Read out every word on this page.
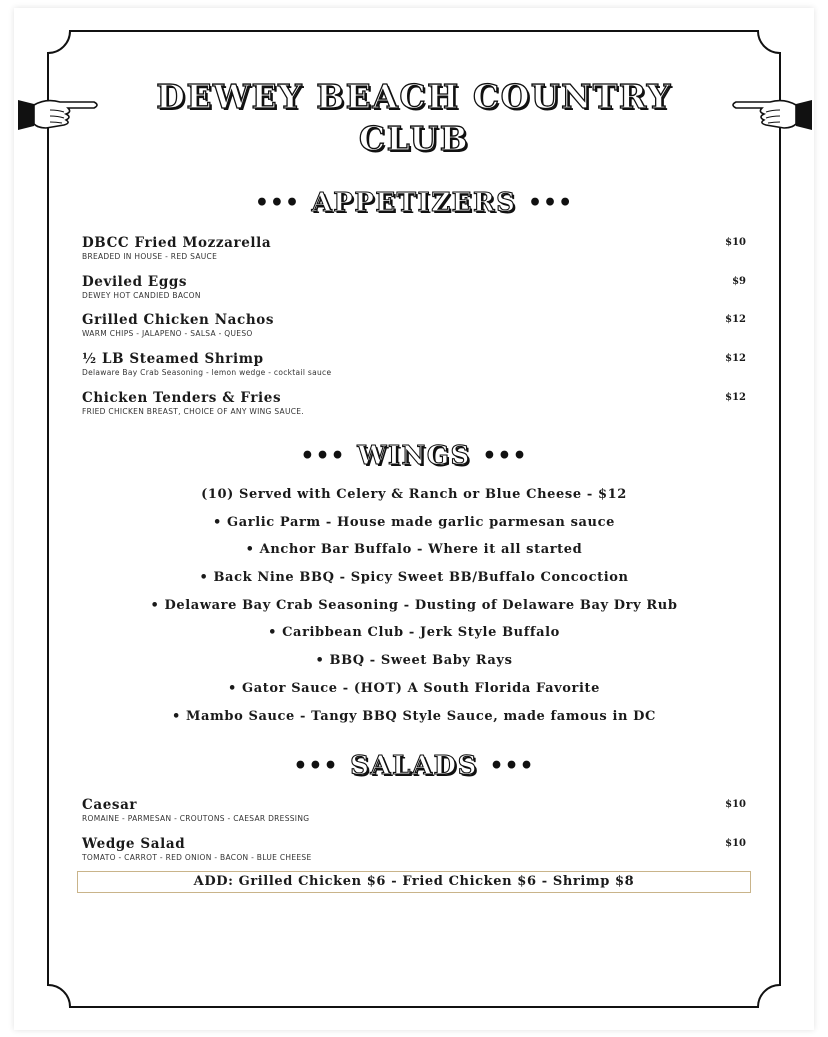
DEWEY BEACH COUNTRY
CLUB
••• APPETIZERS •••
DBCC Fried Mozzarella
BREADED IN HOUSE - RED SAUCE
$10
Deviled Eggs
DEWEY HOT CANDIED BACON
$9
Grilled Chicken Nachos
WARM CHIPS - JALAPENO - SALSA - QUESO
$12
½ LB Steamed Shrimp
Delaware Bay Crab Seasoning - lemon wedge - cocktail sauce
$12
Chicken Tenders & Fries
FRIED CHICKEN BREAST, CHOICE OF ANY WING SAUCE.
$12
••• WINGS •••
(10) Served with Celery & Ranch or Blue Cheese - $12
• Garlic Parm - House made garlic parmesan sauce
• Anchor Bar Buffalo - Where it all started
• Back Nine BBQ - Spicy Sweet BB/Buffalo Concoction
• Delaware Bay Crab Seasoning - Dusting of Delaware Bay Dry Rub
• Caribbean Club - Jerk Style Buffalo
• BBQ - Sweet Baby Rays
• Gator Sauce - (HOT) A South Florida Favorite
• Mambo Sauce - Tangy BBQ Style Sauce, made famous in DC
••• SALADS •••
Caesar
ROMAINE - PARMESAN - CROUTONS - CAESAR DRESSING
$10
Wedge Salad
TOMATO - CARROT - RED ONION - BACON - BLUE CHEESE
$10
ADD: Grilled Chicken $6 - Fried Chicken $6 - Shrimp $8
